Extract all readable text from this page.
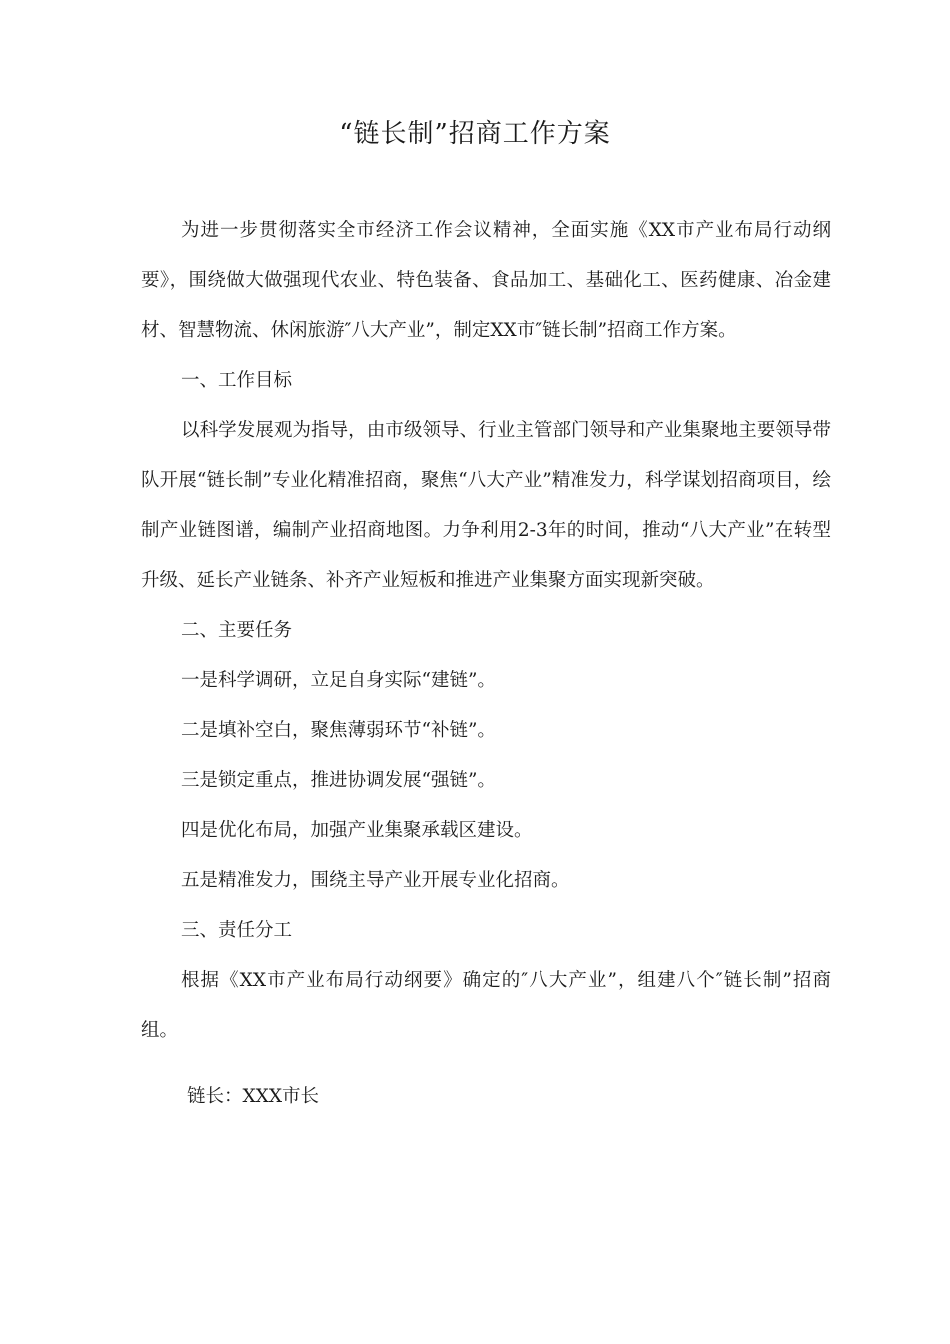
“链长制”招商工作方案

为进一步贯彻落实全市经济工作会议精神，全面实施《XX市产业布局行动纲要》，围绕做大做强现代农业、特色装备、食品加工、基础化工、医药健康、冶金建材、智慧物流、休闲旅游″八大产业”，制定XX市″链长制”招商工作方案。

一、工作目标

以科学发展观为指导，由市级领导、行业主管部门领导和产业集聚地主要领导带队开展“链长制”专业化精准招商，聚焦“八大产业”精准发力，科学谋划招商项目，绘制产业链图谱，编制产业招商地图。力争利用2-3年的时间，推动“八大产业”在转型升级、延长产业链条、补齐产业短板和推进产业集聚方面实现新突破。

二、主要任务

一是科学调研，立足自身实际“建链”。

二是填补空白，聚焦薄弱环节“补链”。

三是锁定重点，推进协调发展“强链”。

四是优化布局，加强产业集聚承载区建设。

五是精准发力，围绕主导产业开展专业化招商。

三、责任分工

根据《XX市产业布局行动纲要》确定的″八大产业”，组建八个″链长制”招商组。

链长：XXX市长
